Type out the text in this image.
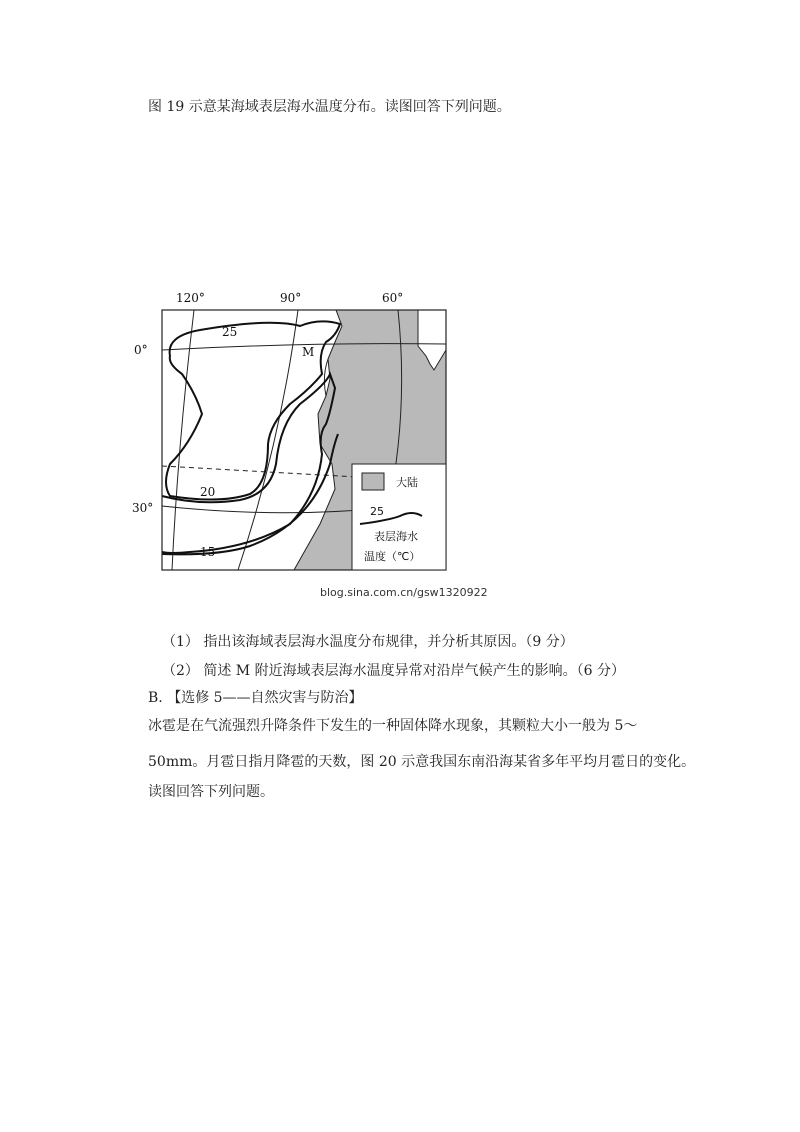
图 19 示意某海域表层海水温度分布。读图回答下列问题。
120°	90°	60°
0°
30°
25
20
15
M
大陆
25
表层海水
温度（℃）
blog.sina.com.cn/gsw1320922
（1） 指出该海域表层海水温度分布规律，并分析其原因。（9 分）
（2） 简述 M 附近海域表层海水温度异常对沿岸气候产生的影响。（6 分）
B. 【选修 5——自然灾害与防治】
冰雹是在气流强烈升降条件下发生的一种固体降水现象，其颗粒大小一般为 5～
50mm。月雹日指月降雹的天数，图 20 示意我国东南沿海某省多年平均月雹日的变化。
读图回答下列问题。
